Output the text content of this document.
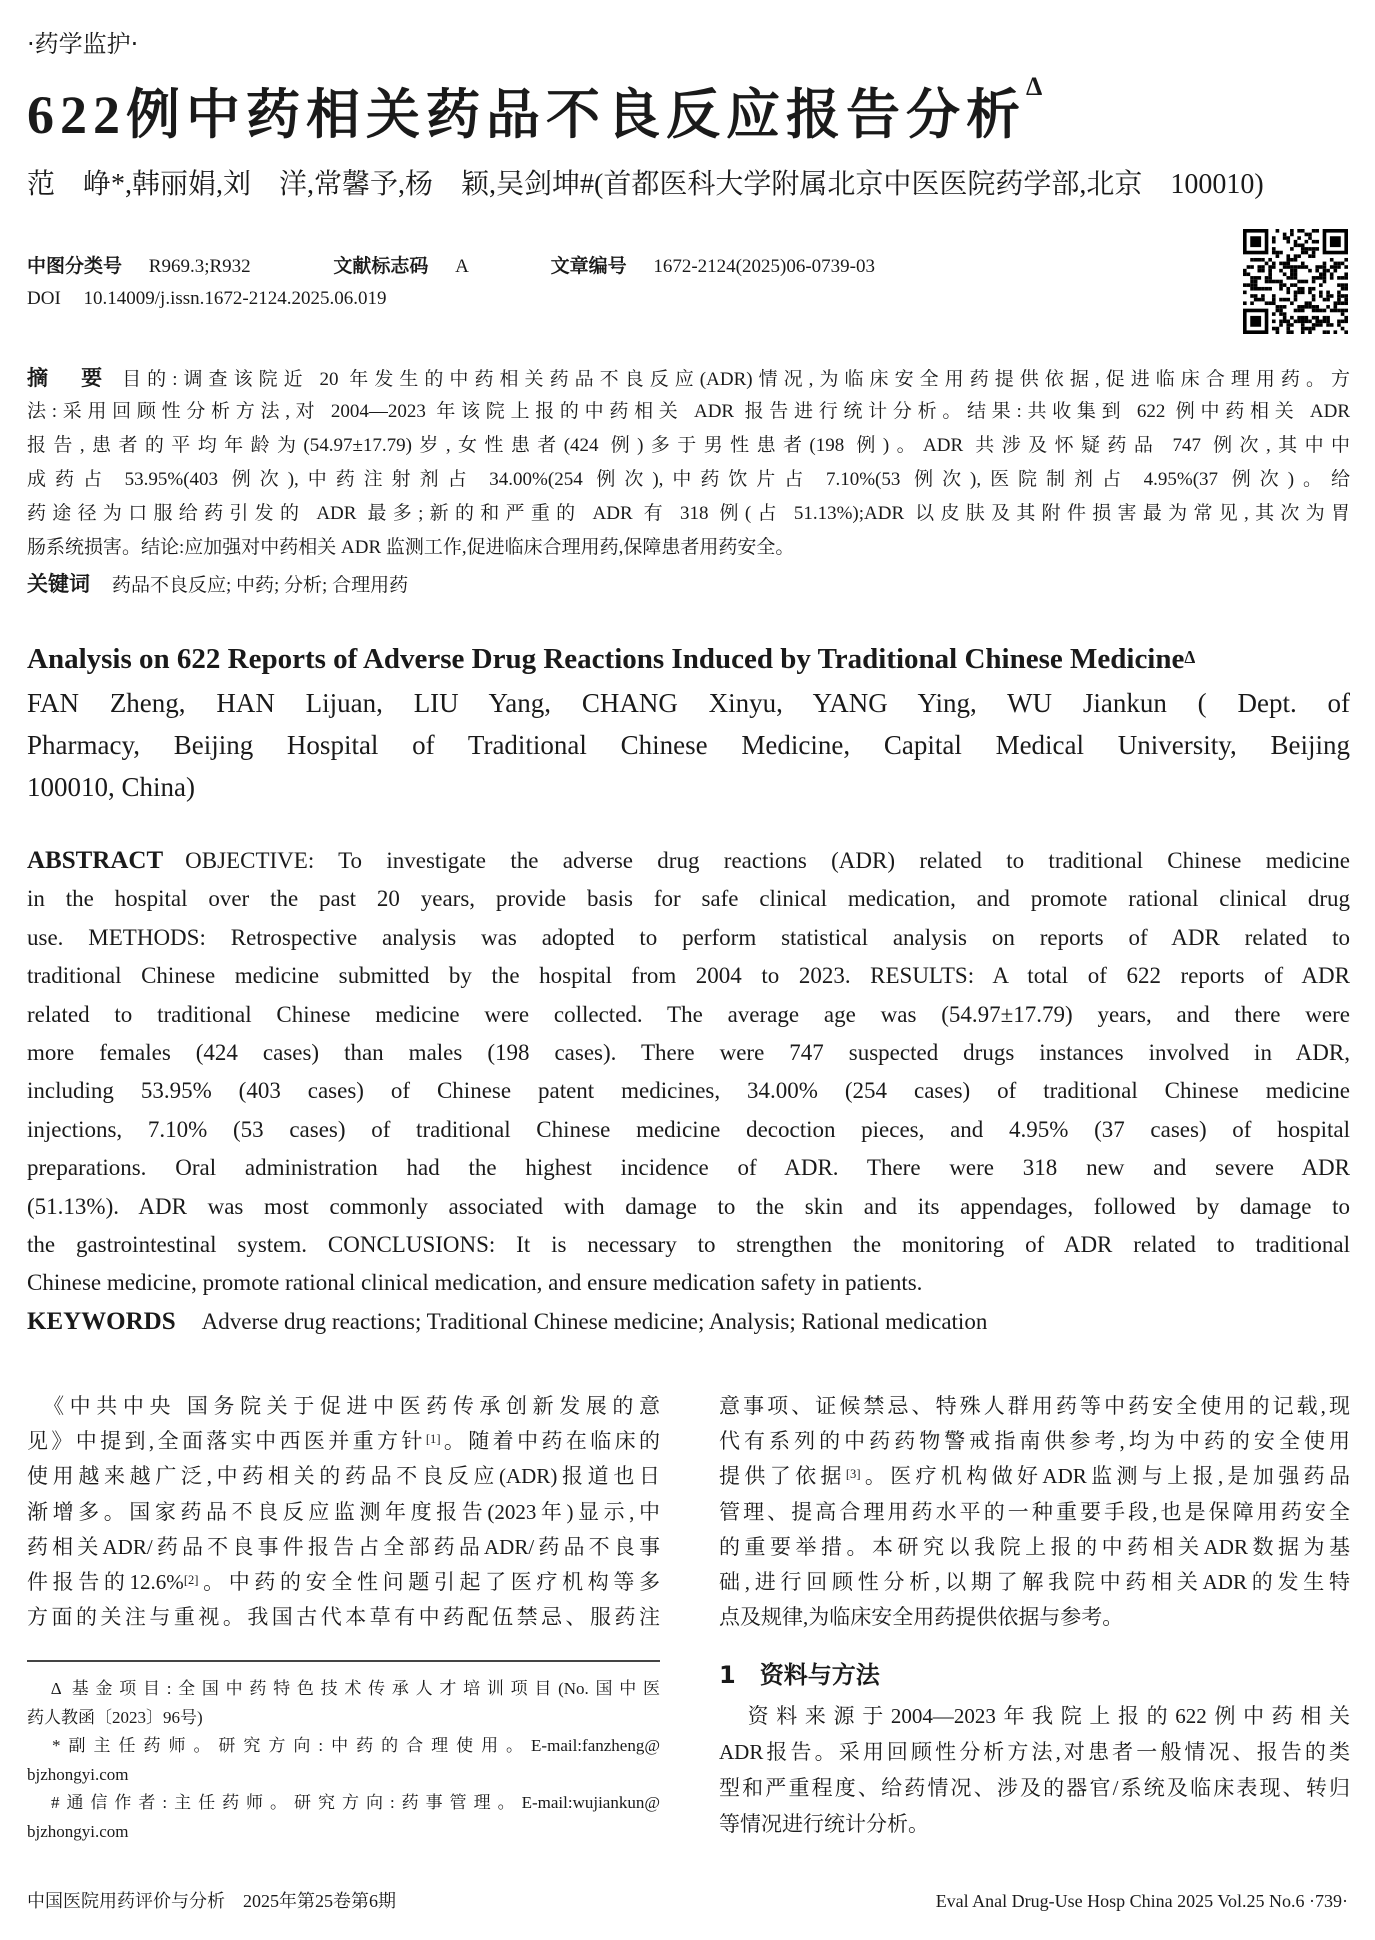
·药学监护·
622例中药相关药品不良反应报告分析$^\Delta$
范　峥*,韩丽娟,刘　洋,常馨予,杨　颖,吴剑坤#(首都医科大学附属北京中医医院药学部,北京　100010)
中图分类号 R969.3;R932	文献标志码 A	文章编号 1672-2124(2025)06-0739-03
DOI 10.14009/j.issn.1672-2124.2025.06.019
摘　要 目的:调查该院近 20 年发生的中药相关药品不良反应(ADR)情况,为临床安全用药提供依据,促进临床合理用药。方
法:采用回顾性分析方法,对 2004—2023 年该院上报的中药相关 ADR 报告进行统计分析。结果:共收集到 622 例中药相关 ADR
报告,患者的平均年龄为(54.97±17.79)岁,女性患者(424 例)多于男性患者(198 例)。ADR 共涉及怀疑药品 747 例次,其中中
成药占 53.95%(403 例次),中药注射剂占 34.00%(254 例次),中药饮片占 7.10%(53 例次),医院制剂占 4.95%(37 例次)。给
药途径为口服给药引发的 ADR 最多;新的和严重的 ADR 有 318 例(占 51.13%);ADR 以皮肤及其附件损害最为常见,其次为胃
肠系统损害。结论:应加强对中药相关 ADR 监测工作,促进临床合理用药,保障患者用药安全。
关键词 药品不良反应; 中药; 分析; 合理用药
Analysis on 622 Reports of Adverse Drug Reactions Induced by Traditional Chinese Medicine$^\Delta$
FAN Zheng, HAN Lijuan, LIU Yang, CHANG Xinyu, YANG Ying, WU Jiankun ( Dept. of
Pharmacy, Beijing Hospital of Traditional Chinese Medicine, Capital Medical University, Beijing
100010, China)
ABSTRACT OBJECTIVE: To investigate the adverse drug reactions (ADR) related to traditional Chinese medicine
in the hospital over the past 20 years, provide basis for safe clinical medication, and promote rational clinical drug
use. METHODS: Retrospective analysis was adopted to perform statistical analysis on reports of ADR related to
traditional Chinese medicine submitted by the hospital from 2004 to 2023. RESULTS: A total of 622 reports of ADR
related to traditional Chinese medicine were collected. The average age was (54.97±17.79) years, and there were
more females (424 cases) than males (198 cases). There were 747 suspected drugs instances involved in ADR,
including 53.95% (403 cases) of Chinese patent medicines, 34.00% (254 cases) of traditional Chinese medicine
injections, 7.10% (53 cases) of traditional Chinese medicine decoction pieces, and 4.95% (37 cases) of hospital
preparations. Oral administration had the highest incidence of ADR. There were 318 new and severe ADR
(51.13%). ADR was most commonly associated with damage to the skin and its appendages, followed by damage to
the gastrointestinal system. CONCLUSIONS: It is necessary to strengthen the monitoring of ADR related to traditional
Chinese medicine, promote rational clinical medication, and ensure medication safety in patients.
KEYWORDS Adverse drug reactions; Traditional Chinese medicine; Analysis; Rational medication
　《中共中央 国务院关于促进中医药传承创新发展的意
见》中提到,全面落实中西医并重方针[1]。随着中药在临床的
使用越来越广泛,中药相关的药品不良反应(ADR)报道也日
渐增多。国家药品不良反应监测年度报告(2023年)显示,中
药相关ADR/药品不良事件报告占全部药品ADR/药品不良事
件报告的12.6%[2]。中药的安全性问题引起了医疗机构等多
方面的关注与重视。我国古代本草有中药配伍禁忌、服药注
意事项、证候禁忌、特殊人群用药等中药安全使用的记载,现
代有系列的中药药物警戒指南供参考,均为中药的安全使用
提供了依据[3]。医疗机构做好ADR监测与上报,是加强药品
管理、提高合理用药水平的一种重要手段,也是保障用药安全
的重要举措。本研究以我院上报的中药相关ADR数据为基
础,进行回顾性分析,以期了解我院中药相关ADR的发生特
点及规律,为临床安全用药提供依据与参考。
1　资料与方法
　资料来源于2004—2023年我院上报的622例中药相关
ADR报告。采用回顾性分析方法,对患者一般情况、报告的类
型和严重程度、给药情况、涉及的器官/系统及临床表现、转归
等情况进行统计分析。
　Δ 基金项目:全国中药特色技术传承人才培训项目(No.国中医
药人教函〔2023〕96号)
　*副主任药师。研究方向:中药的合理使用。E-mail:fanzheng@
bjzhongyi.com
　#通信作者:主任药师。研究方向:药事管理。E-mail:wujiankun@
bjzhongyi.com
中国医院用药评价与分析　2025年第25卷第6期	Eval Anal Drug-Use Hosp China 2025 Vol.25 No.6 ·739·
